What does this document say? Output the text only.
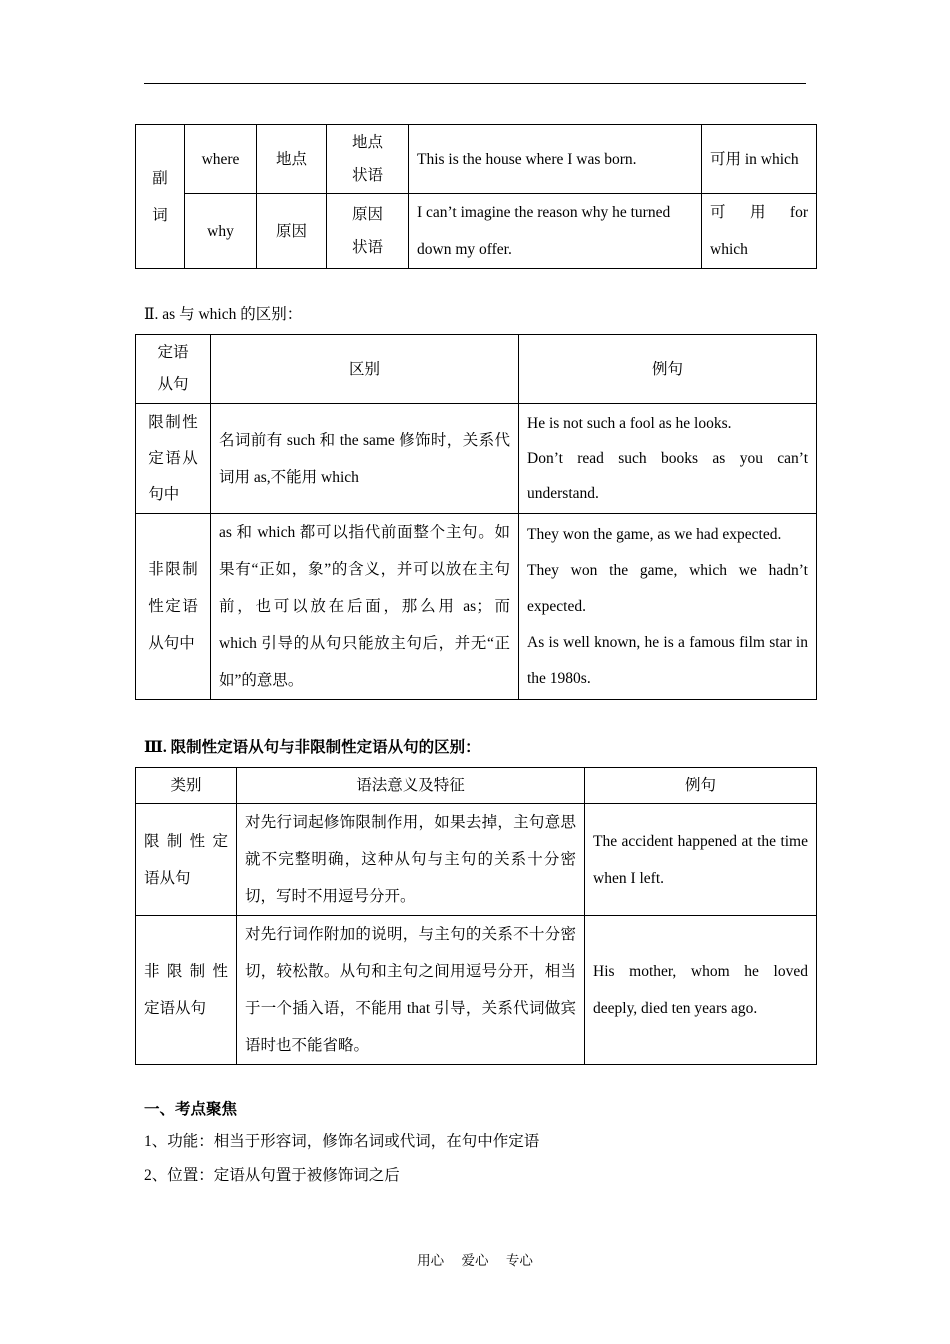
副词	where	地点	地点状语	This is the house where I was born.	可用 in which
	why	原因	原因状语	I can’t imagine the reason why he turned down my offer.	可 用 for
which
Ⅱ. as 与 which 的区别：
定语从句	区别	例句

限制性定语从句中	名词前有 such 和 the same 修饰时，关系代词用 as,不能用 which	He is not such a fool as he looks.
Don’t read such books as you can’t understand.

非限制性定语从句中	as 和 which 都可以指代前面整个主句。如果有“正如，象”的含义，并可以放在主句前，也可以放在后面，那么用 as；而 which 引导的从句只能放主句后，并无“正如”的意思。	They won the game, as we had expected.
They won the game, which we hadn’t expected.
As is well known, he is a famous film star in the 1980s.
Ⅲ. 限制性定语从句与非限制性定语从句的区别：
类别	语法意义及特征	例句

限制性定
语从句	对先行词起修饰限制作用，如果去掉，主句意思就不完整明确，这种从句与主句的关系十分密切，写时不用逗号分开。	The accident happened at the time when I left.

非限制性
定语从句	对先行词作附加的说明，与主句的关系不十分密切，较松散。从句和主句之间用逗号分开，相当于一个插入语，不能用 that 引导，关系代词做宾语时也不能省略。	His mother, whom he loved deeply, died ten years ago.
一、考点聚焦
1、功能：相当于形容词，修饰名词或代词，在句中作定语
2、位置：定语从句置于被修饰词之后
用心 爱心 专心
